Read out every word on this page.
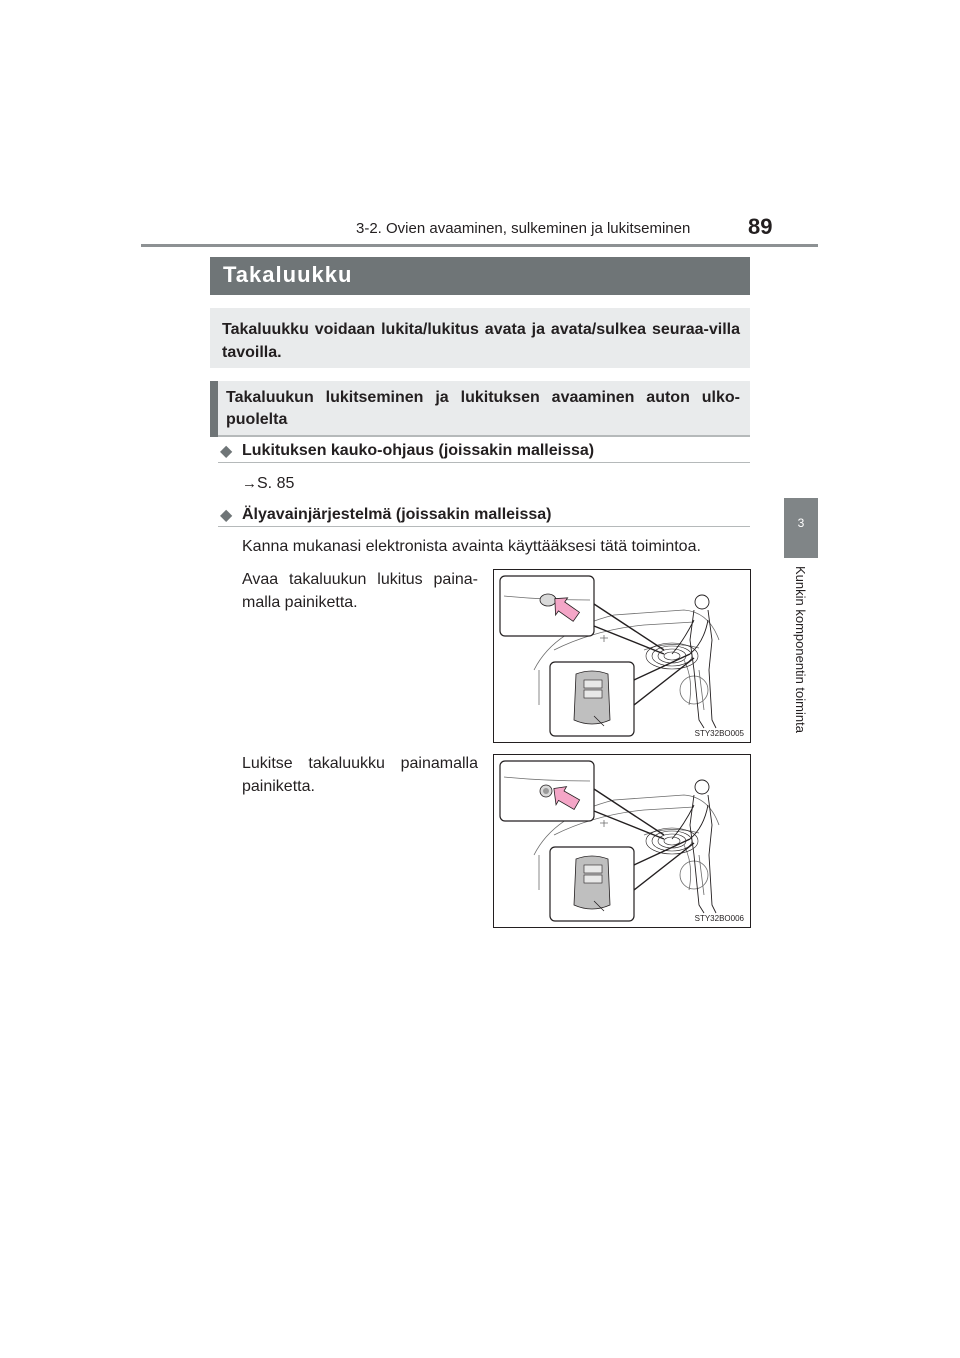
3-2. Ovien avaaminen, sulkeminen ja lukitseminen	89
3
Kunkin komponentin toiminta
Takaluukku
Takaluukku voidaan lukita/lukitus avata ja avata/sulkea seuraa-villa tavoilla.
Takaluukun lukitseminen ja lukituksen avaaminen auton ulko-puolelta
◆ Lukituksen kauko-ohjaus (joissakin malleissa)
→S. 85
◆ Älyavainjärjestelmä (joissakin malleissa)
Kanna mukanasi elektronista avainta käyttääksesi tätä toimintoa.
Avaa takaluukun lukitus paina-malla painiketta.
STY32BO005
Lukitse takaluukku painamalla painiketta.
STY32BO006
